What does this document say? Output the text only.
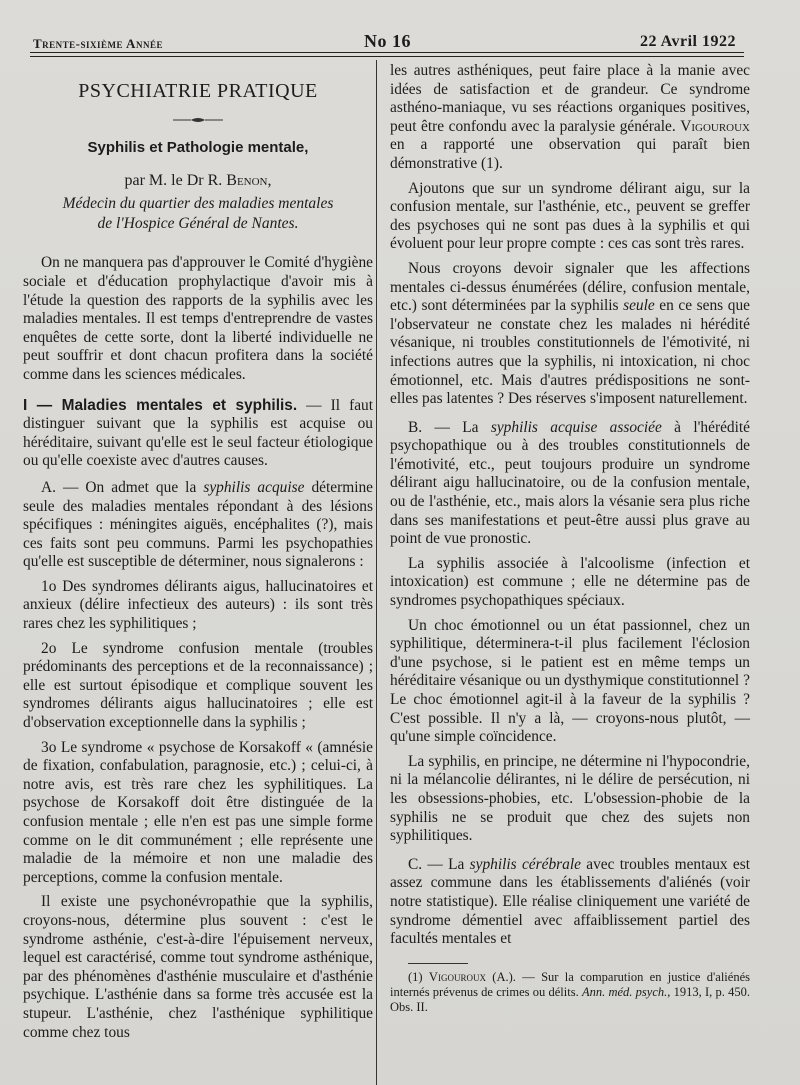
Trente-sixième Année	No 16	22 Avril 1922
PSYCHIATRIE PRATIQUE
Syphilis et Pathologie mentale,
par M. le Dr R. Benon,
Médecin du quartier des maladies mentales
de l'Hospice Général de Nantes.

On ne manquera pas d'approuver le Comité d'hygiène sociale et d'éducation prophylactique d'avoir mis à l'étude la question des rapports de la syphilis avec les maladies mentales. Il est temps d'entreprendre de vastes enquêtes de cette sorte, dont la liberté individuelle ne peut souffrir et dont chacun profitera dans la société comme dans les sciences médicales.

I — Maladies mentales et syphilis. — Il faut distinguer suivant que la syphilis est acquise ou héréditaire, suivant qu'elle est le seul facteur étiologique ou qu'elle coexiste avec d'autres causes.

A. — On admet que la syphilis acquise détermine seule des maladies mentales répondant à des lésions spécifiques : méningites aiguës, encéphalites (?), mais ces faits sont peu communs. Parmi les psychopathies qu'elle est susceptible de déterminer, nous signalerons :

1o Des syndromes délirants aigus, hallucinatoires et anxieux (délire infectieux des auteurs) : ils sont très rares chez les syphilitiques ;

2o Le syndrome confusion mentale (troubles prédominants des perceptions et de la reconnaissance) ; elle est surtout épisodique et complique souvent les syndromes délirants aigus hallucinatoires ; elle est d'observation exceptionnelle dans la syphilis ;

3o Le syndrome « psychose de Korsakoff « (amnésie de fixation, confabulation, paragnosie, etc.) ; celui-ci, à notre avis, est très rare chez les syphilitiques. La psychose de Korsakoff doit être distinguée de la confusion mentale ; elle n'en est pas une simple forme comme on le dit communément ; elle représente une maladie de la mémoire et non une maladie des perceptions, comme la confusion mentale.

Il existe une psychonévropathie que la syphilis, croyons-nous, détermine plus souvent : c'est le syndrome asthénie, c'est-à-dire l'épuisement nerveux, lequel est caractérisé, comme tout syndrome asthénique, par des phénomènes d'asthénie musculaire et d'asthénie psychique. L'asthénie dans sa forme très accusée est la stupeur. L'asthénie, chez l'asthénique syphilitique comme chez tous

les autres asthéniques, peut faire place à la manie avec idées de satisfaction et de grandeur. Ce syndrome asthéno-maniaque, vu ses réactions organiques positives, peut être confondu avec la paralysie générale. Vigouroux en a rapporté une observation qui paraît bien démonstrative (1).

Ajoutons que sur un syndrome délirant aigu, sur la confusion mentale, sur l'asthénie, etc., peuvent se greffer des psychoses qui ne sont pas dues à la syphilis et qui évoluent pour leur propre compte : ces cas sont très rares.

Nous croyons devoir signaler que les affections mentales ci-dessus énumérées (délire, confusion mentale, etc.) sont déterminées par la syphilis seule en ce sens que l'observateur ne constate chez les malades ni hérédité vésanique, ni troubles constitutionnels de l'émotivité, ni infections autres que la syphilis, ni intoxication, ni choc émotionnel, etc. Mais d'autres prédispositions ne sont-elles pas latentes ? Des réserves s'imposent naturellement.

B. — La syphilis acquise associée à l'hérédité psychopathique ou à des troubles constitutionnels de l'émotivité, etc., peut toujours produire un syndrome délirant aigu hallucinatoire, ou de la confusion mentale, ou de l'asthénie, etc., mais alors la vésanie sera plus riche dans ses manifestations et peut-être aussi plus grave au point de vue pronostic.

La syphilis associée à l'alcoolisme (infection et intoxication) est commune ; elle ne détermine pas de syndromes psychopathiques spéciaux.

Un choc émotionnel ou un état passionnel, chez un syphilitique, déterminera-t-il plus facilement l'éclosion d'une psychose, si le patient est en même temps un héréditaire vésanique ou un dysthymique constitutionnel ? Le choc émotionnel agit-il à la faveur de la syphilis ? C'est possible. Il n'y a là, — croyons-nous plutôt, — qu'une simple coïncidence.

La syphilis, en principe, ne détermine ni l'hypocondrie, ni la mélancolie délirantes, ni le délire de persécution, ni les obsessions-phobies, etc. L'obsession-phobie de la syphilis ne se produit que chez des sujets non syphilitiques.

C. — La syphilis cérébrale avec troubles mentaux est assez commune dans les établissements d'aliénés (voir notre statistique). Elle réalise cliniquement une variété de syndrome démentiel avec affaiblissement partiel des facultés mentales et

(1) Vigouroux (A.). — Sur la comparution en justice d'aliénés internés prévenus de crimes ou délits. Ann. méd. psych., 1913, I, p. 450. Obs. II.
